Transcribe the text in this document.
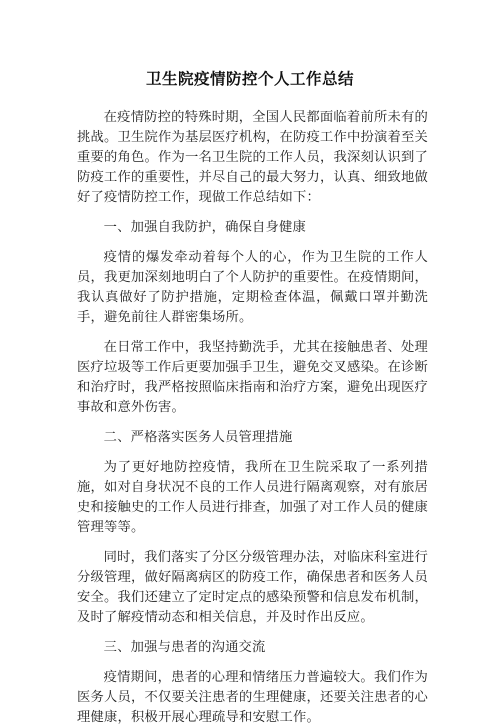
卫生院疫情防控个人工作总结

在疫情防控的特殊时期，全国人民都面临着前所未有的挑战。卫生院作为基层医疗机构，在防疫工作中扮演着至关重要的角色。作为一名卫生院的工作人员，我深刻认识到了防疫工作的重要性，并尽自己的最大努力，认真、细致地做好了疫情防控工作，现做工作总结如下：

一、加强自我防护，确保自身健康

疫情的爆发牵动着每个人的心，作为卫生院的工作人员，我更加深刻地明白了个人防护的重要性。在疫情期间，我认真做好了防护措施，定期检查体温，佩戴口罩并勤洗手，避免前往人群密集场所。

在日常工作中，我坚持勤洗手，尤其在接触患者、处理医疗垃圾等工作后更要加强手卫生，避免交叉感染。在诊断和治疗时，我严格按照临床指南和治疗方案，避免出现医疗事故和意外伤害。

二、严格落实医务人员管理措施

为了更好地防控疫情，我所在卫生院采取了一系列措施，如对自身状况不良的工作人员进行隔离观察，对有旅居史和接触史的工作人员进行排查，加强了对工作人员的健康管理等等。

同时，我们落实了分区分级管理办法，对临床科室进行分级管理，做好隔离病区的防疫工作，确保患者和医务人员安全。我们还建立了定时定点的感染预警和信息发布机制，及时了解疫情动态和相关信息，并及时作出反应。

三、加强与患者的沟通交流

疫情期间，患者的心理和情绪压力普遍较大。我们作为医务人员，不仅要关注患者的生理健康，还要关注患者的心理健康，积极开展心理疏导和安慰工作。
